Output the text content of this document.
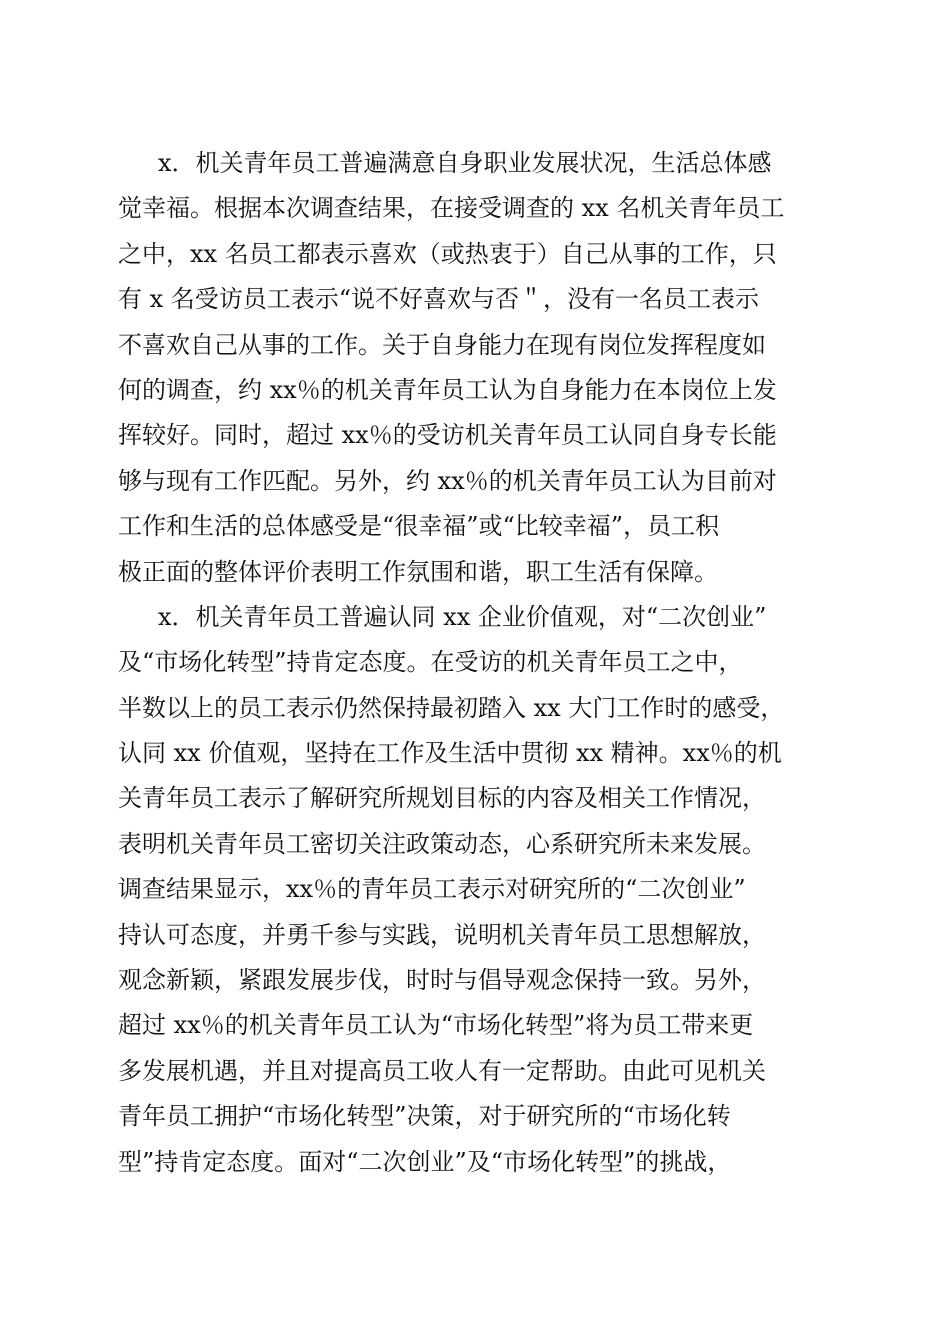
x．机关青年员工普遍满意自身职业发展状况，生活总体感
觉幸福。根据本次调查结果，在接受调查的 xx 名机关青年员工
之中，xx 名员工都表示喜欢（或热衷于）自己从事的工作，只
有 x 名受访员工表示“说不好喜欢与否＂，没有一名员工表示
不喜欢自己从事的工作。关于自身能力在现有岗位发挥程度如
何的调查，约 xx％的机关青年员工认为自身能力在本岗位上发
挥较好。同时，超过 xx％的受访机关青年员工认同自身专长能
够与现有工作匹配。另外，约 xx％的机关青年员工认为目前对
工作和生活的总体感受是“很幸福”或“比较幸福”，员工积
极正面的整体评价表明工作氛围和谐，职工生活有保障。
x．机关青年员工普遍认同 xx 企业价值观，对“二次创业”
及“市场化转型”持肯定态度。在受访的机关青年员工之中，
半数以上的员工表示仍然保持最初踏入 xx 大门工作时的感受，
认同 xx 价值观，坚持在工作及生活中贯彻 xx 精神。xx％的机
关青年员工表示了解研究所规划目标的内容及相关工作情况，
表明机关青年员工密切关注政策动态，心系研究所未来发展。
调查结果显示，xx％的青年员工表示对研究所的“二次创业”
持认可态度，并勇千参与实践，说明机关青年员工思想解放，
观念新颖，紧跟发展步伐，时时与倡导观念保持一致。另外，
超过 xx％的机关青年员工认为“市场化转型”将为员工带来更
多发展机遇，并且对提高员工收人有一定帮助。由此可见机关
青年员工拥护“市场化转型”决策，对于研究所的“市场化转
型”持肯定态度。面对“二次创业”及“市场化转型”的挑战，
